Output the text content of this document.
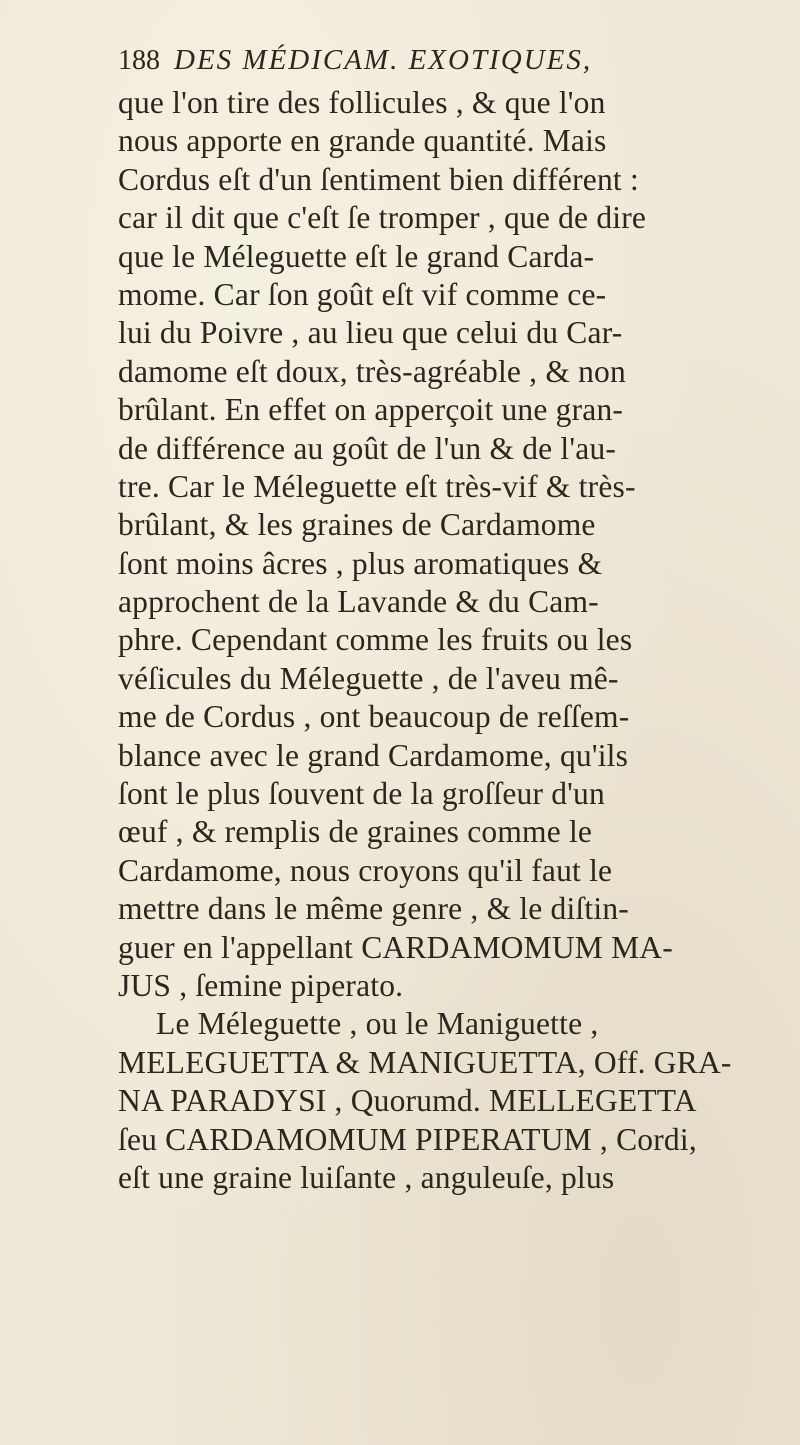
188 DES MÉDICAM. EXOTIQUES,
que l'on tire des follicules , & que l'on
nous apporte en grande quantité. Mais
Cordus eſt d'un ſentiment bien différent :
car il dit que c'eſt ſe tromper , que de dire
que le Méleguette eſt le grand Carda-
mome. Car ſon goût eſt vif comme ce-
lui du Poivre , au lieu que celui du Car-
damome eſt doux, très-agréable , & non
brûlant. En effet on apperçoit une gran-
de différence au goût de l'un & de l'au-
tre. Car le Méleguette eſt très-vif & très-
brûlant, & les graines de Cardamome
ſont moins âcres , plus aromatiques &
approchent de la Lavande & du Cam-
phre. Cependant comme les fruits ou les
véſicules du Méleguette , de l'aveu mê-
me de Cordus , ont beaucoup de reſſem-
blance avec le grand Cardamome, qu'ils
ſont le plus ſouvent de la groſſeur d'un
œuf , & remplis de graines comme le
Cardamome, nous croyons qu'il faut le
mettre dans le même genre , & le diſtin-
guer en l'appellant CARDAMOMUM MA-
JUS , ſemine piperato.
Le Méleguette , ou le Maniguette ,
MELEGUETTA & MANIGUETTA, Off. GRA-
NA PARADYSI , Quorumd. MELLEGETTA
ſeu CARDAMOMUM PIPERATUM , Cordi,
eſt une graine luiſante , anguleuſe, plus
